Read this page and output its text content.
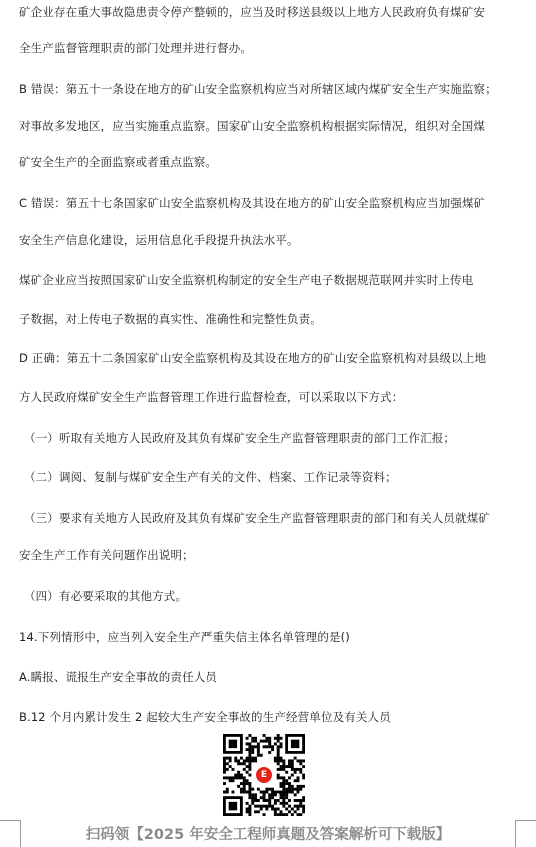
矿企业存在重大事故隐患责令停产整顿的，应当及时移送县级以上地方人民政府负有煤矿安
全生产监督管理职责的部门处理并进行督办。
B 错误：第五十一条设在地方的矿山安全监察机构应当对所辖区域内煤矿安全生产实施监察；
对事故多发地区，应当实施重点监察。国家矿山安全监察机构根据实际情况，组织对全国煤
矿安全生产的全面监察或者重点监察。
C 错误：第五十七条国家矿山安全监察机构及其设在地方的矿山安全监察机构应当加强煤矿
安全生产信息化建设，运用信息化手段提升执法水平。
煤矿企业应当按照国家矿山安全监察机构制定的安全生产电子数据规范联网并实时上传电
子数据，对上传电子数据的真实性、准确性和完整性负责。
D 正确：第五十二条国家矿山安全监察机构及其设在地方的矿山安全监察机构对县级以上地
方人民政府煤矿安全生产监督管理工作进行监督检查，可以采取以下方式：
（一）听取有关地方人民政府及其负有煤矿安全生产监督管理职责的部门工作汇报；
（二）调阅、复制与煤矿安全生产有关的文件、档案、工作记录等资料；
（三）要求有关地方人民政府及其负有煤矿安全生产监督管理职责的部门和有关人员就煤矿
安全生产工作有关问题作出说明；
（四）有必要采取的其他方式。
14.下列情形中，应当列入安全生产严重失信主体名单管理的是()
A.瞒报、谎报生产安全事故的责任人员
B.12 个月内累计发生 2 起较大生产安全事故的生产经营单位及有关人员
E
扫码领【2025 年安全工程师真题及答案解析可下载版】
